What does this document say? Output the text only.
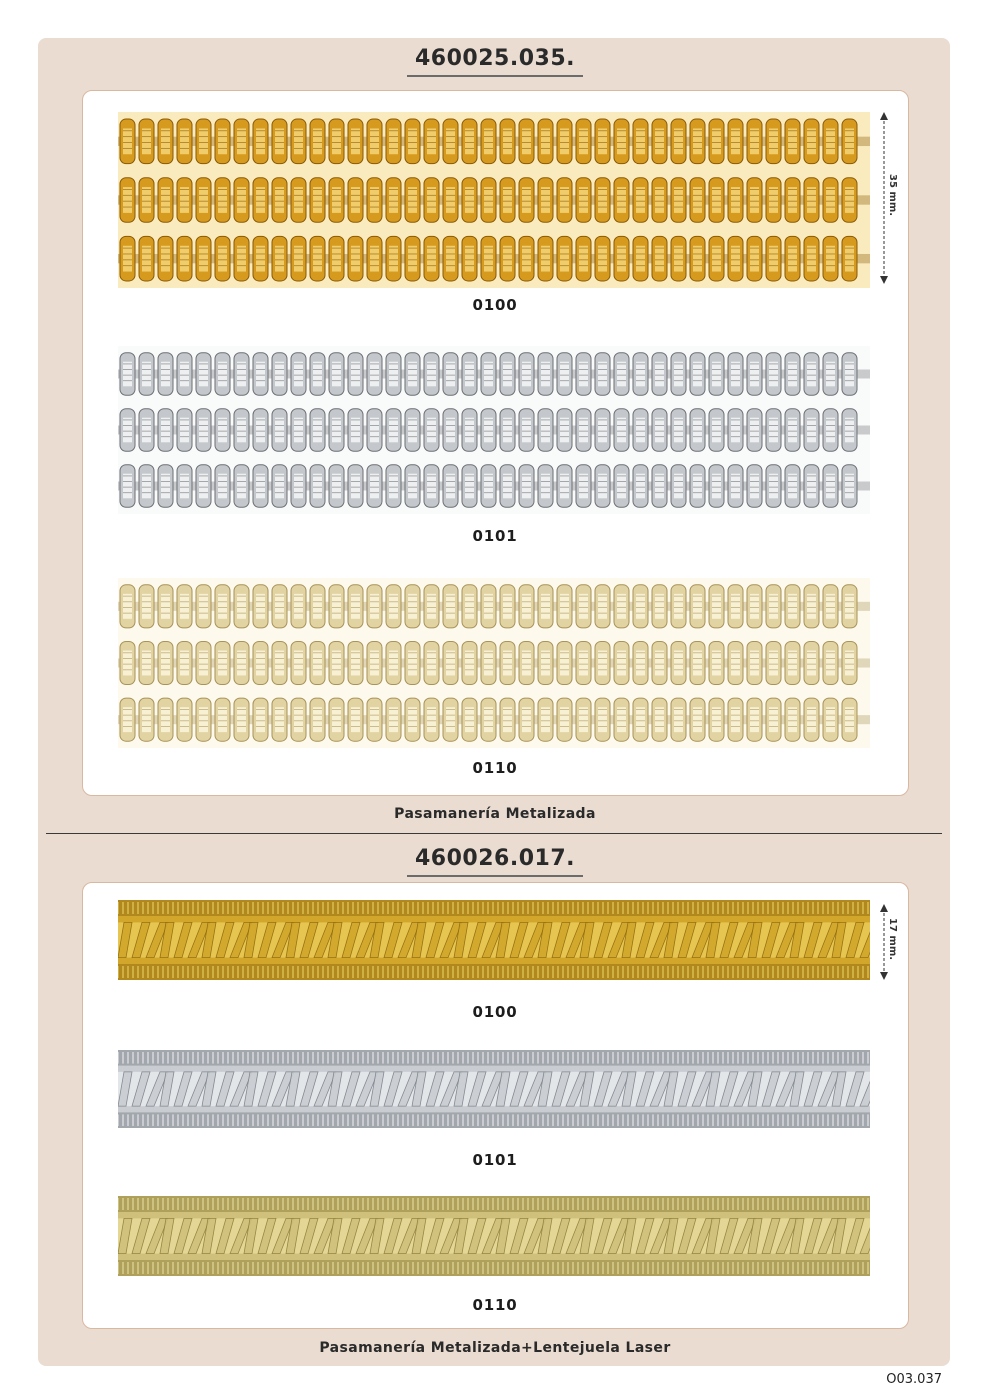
460025.035.
0100
0101
0110
35 mm.
Pasamanería Metalizada
460026.017.
0100
0101
0110
17 mm.
Pasamanería Metalizada+Lentejuela Laser
O03.037
